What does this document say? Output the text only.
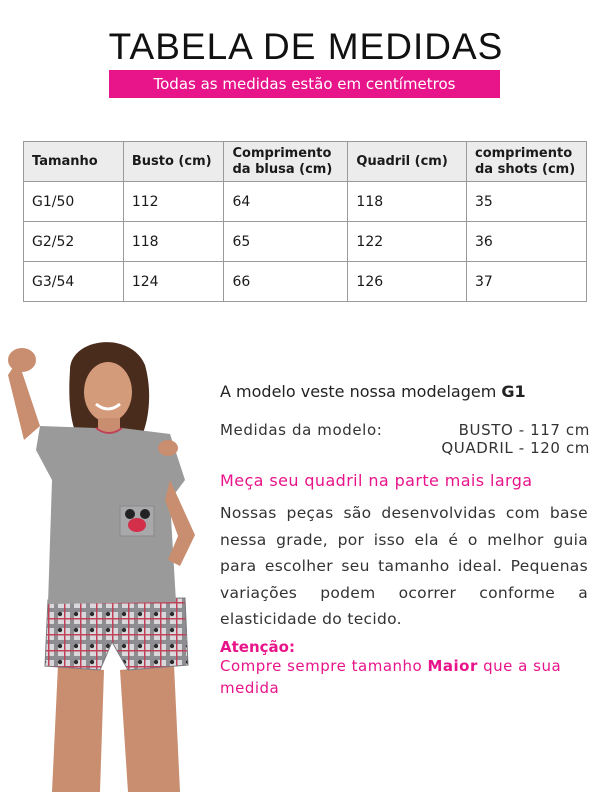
TABELA DE MEDIDAS
Todas as medidas estão em centímetros
Tamanho	Busto (cm)	Comprimento da blusa (cm)	Quadril (cm)	comprimento da shots (cm)
G1/50	112	64	118	35
G2/52	118	65	122	36
G3/54	124	66	126	37
A modelo veste nossa modelagem G1
Medidas da modelo:	BUSTO - 117 cm
QUADRIL - 120 cm
Meça seu quadril na parte mais larga
Nossas peças são desenvolvidas com base nessa grade, por isso ela é o melhor guia para escolher seu tamanho ideal. Pequenas variações podem ocorrer conforme a elasticidade do tecido.
Atenção:
Compre sempre tamanho Maior que a sua medida
